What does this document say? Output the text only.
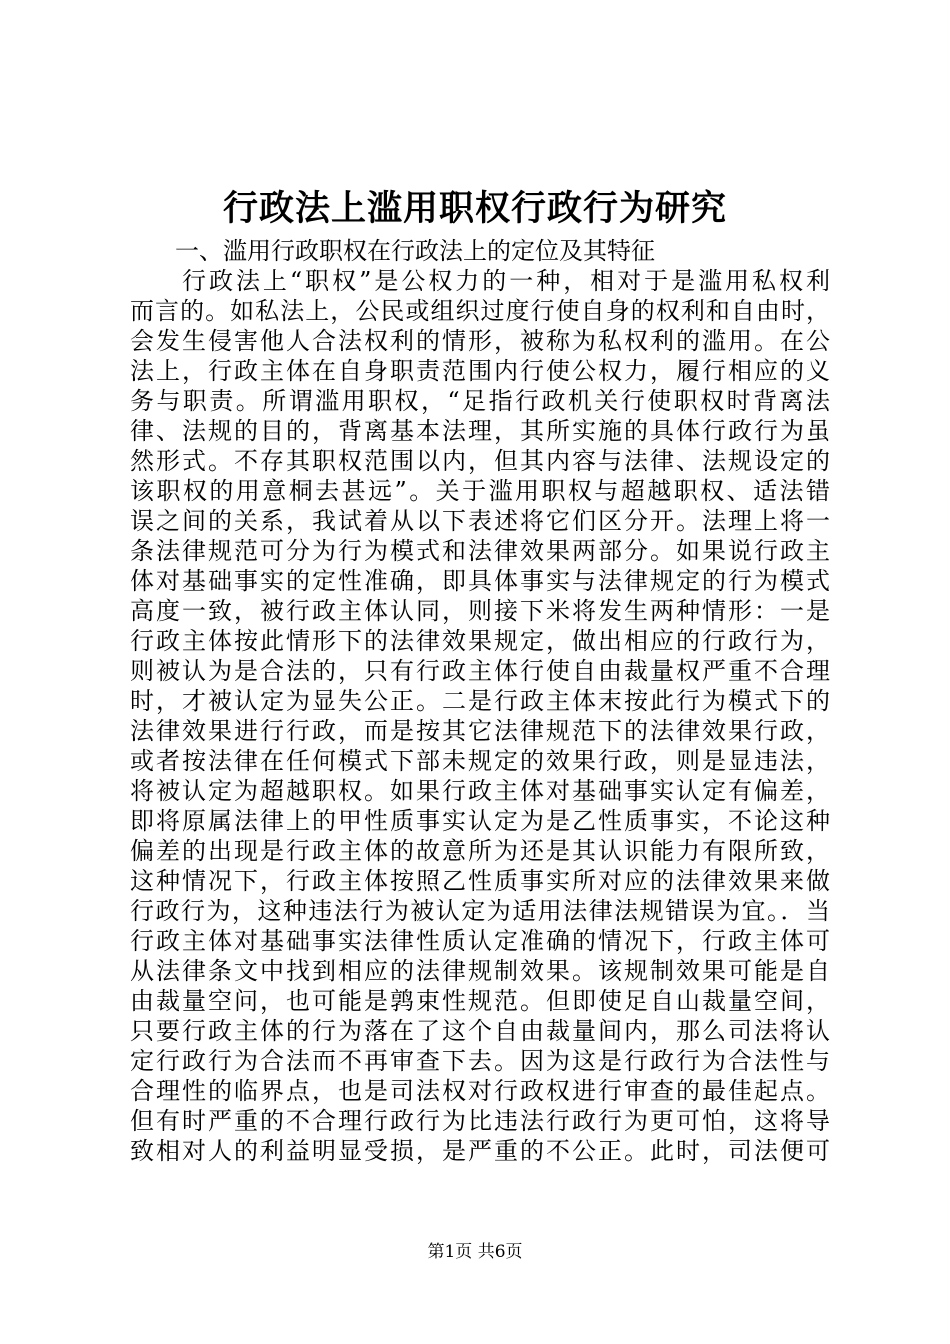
行政法上滥用职权行政行为研究
一、滥用行政职权在行政法上的定位及其特征
行政法上“职权”是公权力的一种，相对于是滥用私权利
而言的。如私法上，公民或组织过度行使自身的权利和自由时，
会发生侵害他人合法权利的情形，被称为私权利的滥用。在公
法上，行政主体在自身职责范围内行使公权力，履行相应的义
务与职责。所谓滥用职权，“足指行政机关行使职权时背离法
律、法规的目的，背离基本法理，其所实施的具体行政行为虽
然形式。不存其职权范围以内，但其内容与法律、法规设定的
该职权的用意桐去甚远”。关于滥用职权与超越职权、适法错
误之间的关系，我试着从以下表述将它们区分开。法理上将一
条法律规范可分为行为模式和法律效果两部分。如果说行政主
体对基础事实的定性准确，即具体事实与法律规定的行为模式
高度一致，被行政主体认同，则接下米将发生两种情形：一是
行政主体按此情形下的法律效果规定，做出相应的行政行为，
则被认为是合法的，只有行政主体行使自由裁量权严重不合理
时，才被认定为显失公正。二是行政主体末按此行为模式下的
法律效果进行行政，而是按其它法律规范下的法律效果行政，
或者按法律在任何模式下部未规定的效果行政，则是显违法，
将被认定为超越职权。如果行政主体对基础事实认定有偏差，
即将原属法律上的甲性质事实认定为是乙性质事实，不论这种
偏差的出现是行政主体的故意所为还是其认识能力有限所致，
这种情况下，行政主体按照乙性质事实所对应的法律效果来做
行政行为，这种违法行为被认定为适用法律法规错误为宜。．当
行政主体对基础事实法律性质认定准确的情况下，行政主体可
从法律条文中找到相应的法律规制效果。该规制效果可能是自
由裁量空问，也可能是鹑束性规范。但即使足自山裁量空间，
只要行政主体的行为落在了这个自由裁量间内，那么司法将认
定行政行为合法而不再审查下去。因为这是行政行为合法性与
合理性的临界点，也是司法权对行政权进行审查的最佳起点。
但有时严重的不合理行政行为比违法行政行为更可怕，这将导
致相对人的利益明显受损，是严重的不公正。此时，司法便可
第1页 共6页
